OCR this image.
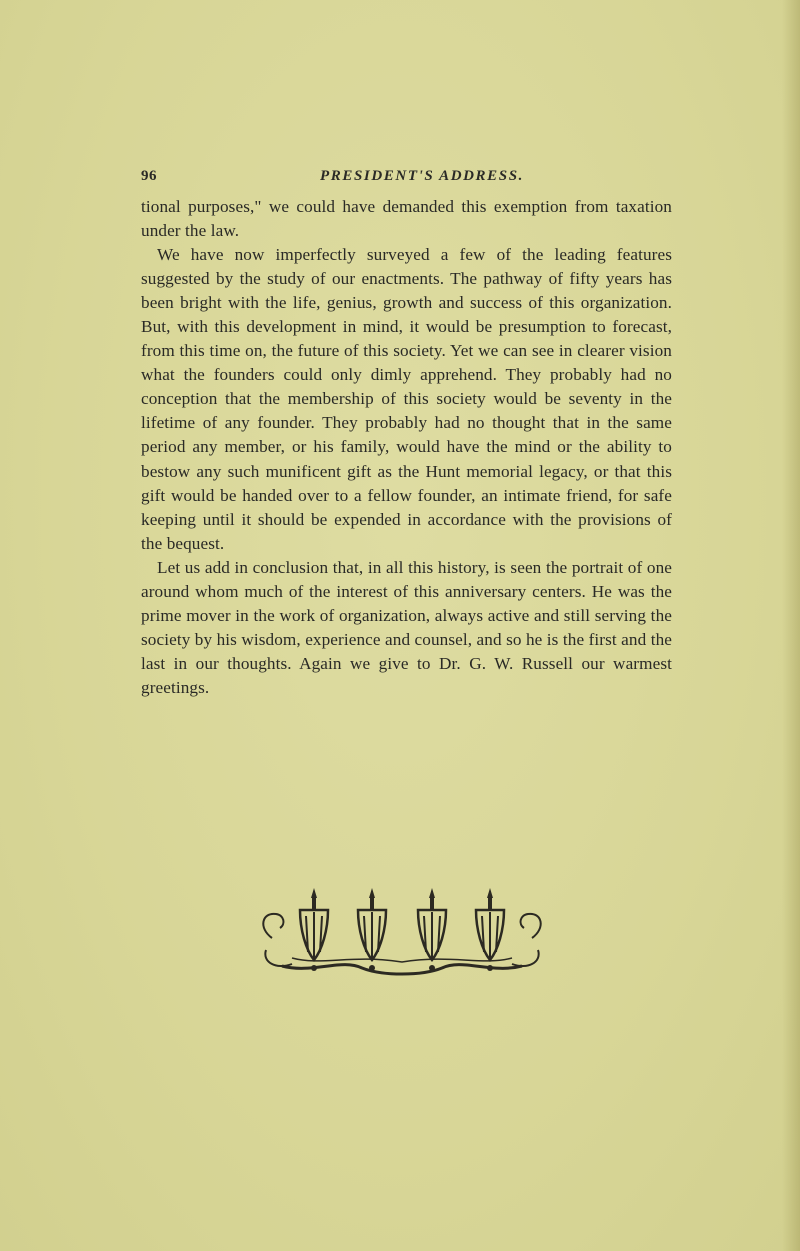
96	PRESIDENT'S ADDRESS.

tional purposes," we could have demanded this exemption from taxation under the law.

We have now imperfectly surveyed a few of the leading features suggested by the study of our enactments. The pathway of fifty years has been bright with the life, genius, growth and success of this organization. But, with this development in mind, it would be presumption to forecast, from this time on, the future of this society. Yet we can see in clearer vision what the founders could only dimly apprehend. They probably had no conception that the membership of this society would be seventy in the lifetime of any founder. They probably had no thought that in the same period any member, or his family, would have the mind or the ability to bestow any such munificent gift as the Hunt memorial legacy, or that this gift would be handed over to a fellow founder, an intimate friend, for safe keeping until it should be expended in accordance with the provisions of the bequest.

Let us add in conclusion that, in all this history, is seen the portrait of one around whom much of the interest of this anniversary centers. He was the prime mover in the work of organization, always active and still serving the society by his wisdom, experience and counsel, and so he is the first and the last in our thoughts. Again we give to Dr. G. W. Russell our warmest greetings.
